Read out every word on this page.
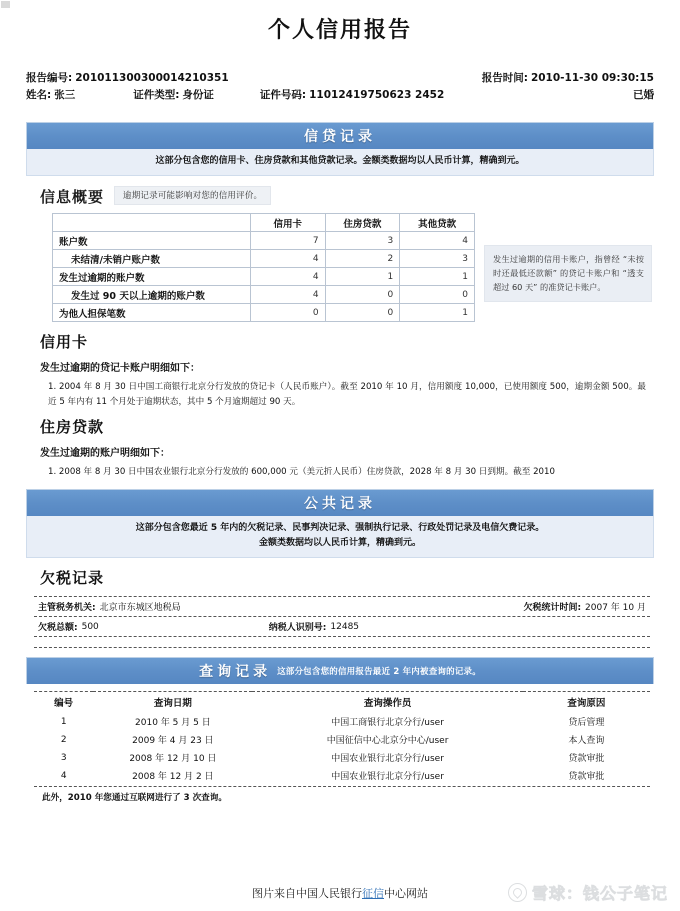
个人信用报告
报告编号: 201011300300014210351	报告时间: 2010-11-30 09:30:15
姓名: 张三	证件类型: 身份证	证件号码: 11012419750623 2452	已婚
信贷记录
这部分包含您的信用卡、住房贷款和其他贷款记录。金额类数据均以人民币计算，精确到元。
信息概要	逾期记录可能影响对您的信用评价。
	信用卡	住房贷款	其他贷款
账户数	7	3	4
未结清/未销户账户数	4	2	3
发生过逾期的账户数	4	1	1
发生过 90 天以上逾期的账户数	4	0	0
为他人担保笔数	0	0	1
发生过逾期的信用卡账户，指曾经 “未按时还最低还款额” 的贷记卡账户和 “透支超过 60 天” 的准贷记卡账户。
信用卡
发生过逾期的贷记卡账户明细如下：
1. 2004 年 8 月 30 日中国工商银行北京分行发放的贷记卡（人民币账户）。截至 2010 年 10 月，信用额度 10,000，已使用额度 500，逾期金额 500。最近 5 年内有 11 个月处于逾期状态，其中 5 个月逾期超过 90 天。
住房贷款
发生过逾期的账户明细如下：
1. 2008 年 8 月 30 日中国农业银行北京分行发放的 600,000 元（美元折人民币）住房贷款，2028 年 8 月 30 日到期。截至 2010
公共记录
这部分包含您最近 5 年内的欠税记录、民事判决记录、强制执行记录、行政处罚记录及电信欠费记录。
金额类数据均以人民币计算，精确到元。
欠税记录
主管税务机关: 北京市东城区地税局	欠税统计时间: 2007 年 10 月
欠税总额: 500	纳税人识别号: 12485
查询记录 这部分包含您的信用报告最近 2 年内被查询的记录。
编号	查询日期	查询操作员	查询原因
1	2010 年 5 月 5 日	中国工商银行北京分行/user	贷后管理
2	2009 年 4 月 23 日	中国征信中心北京分中心/user	本人查询
3	2008 年 12 月 10 日	中国农业银行北京分行/user	贷款审批
4	2008 年 12 月 2 日	中国农业银行北京分行/user	贷款审批
此外，2010 年您通过互联网进行了 3 次查询。
图片来自中国人民银行征信中心网站	雪球：钱公子笔记
